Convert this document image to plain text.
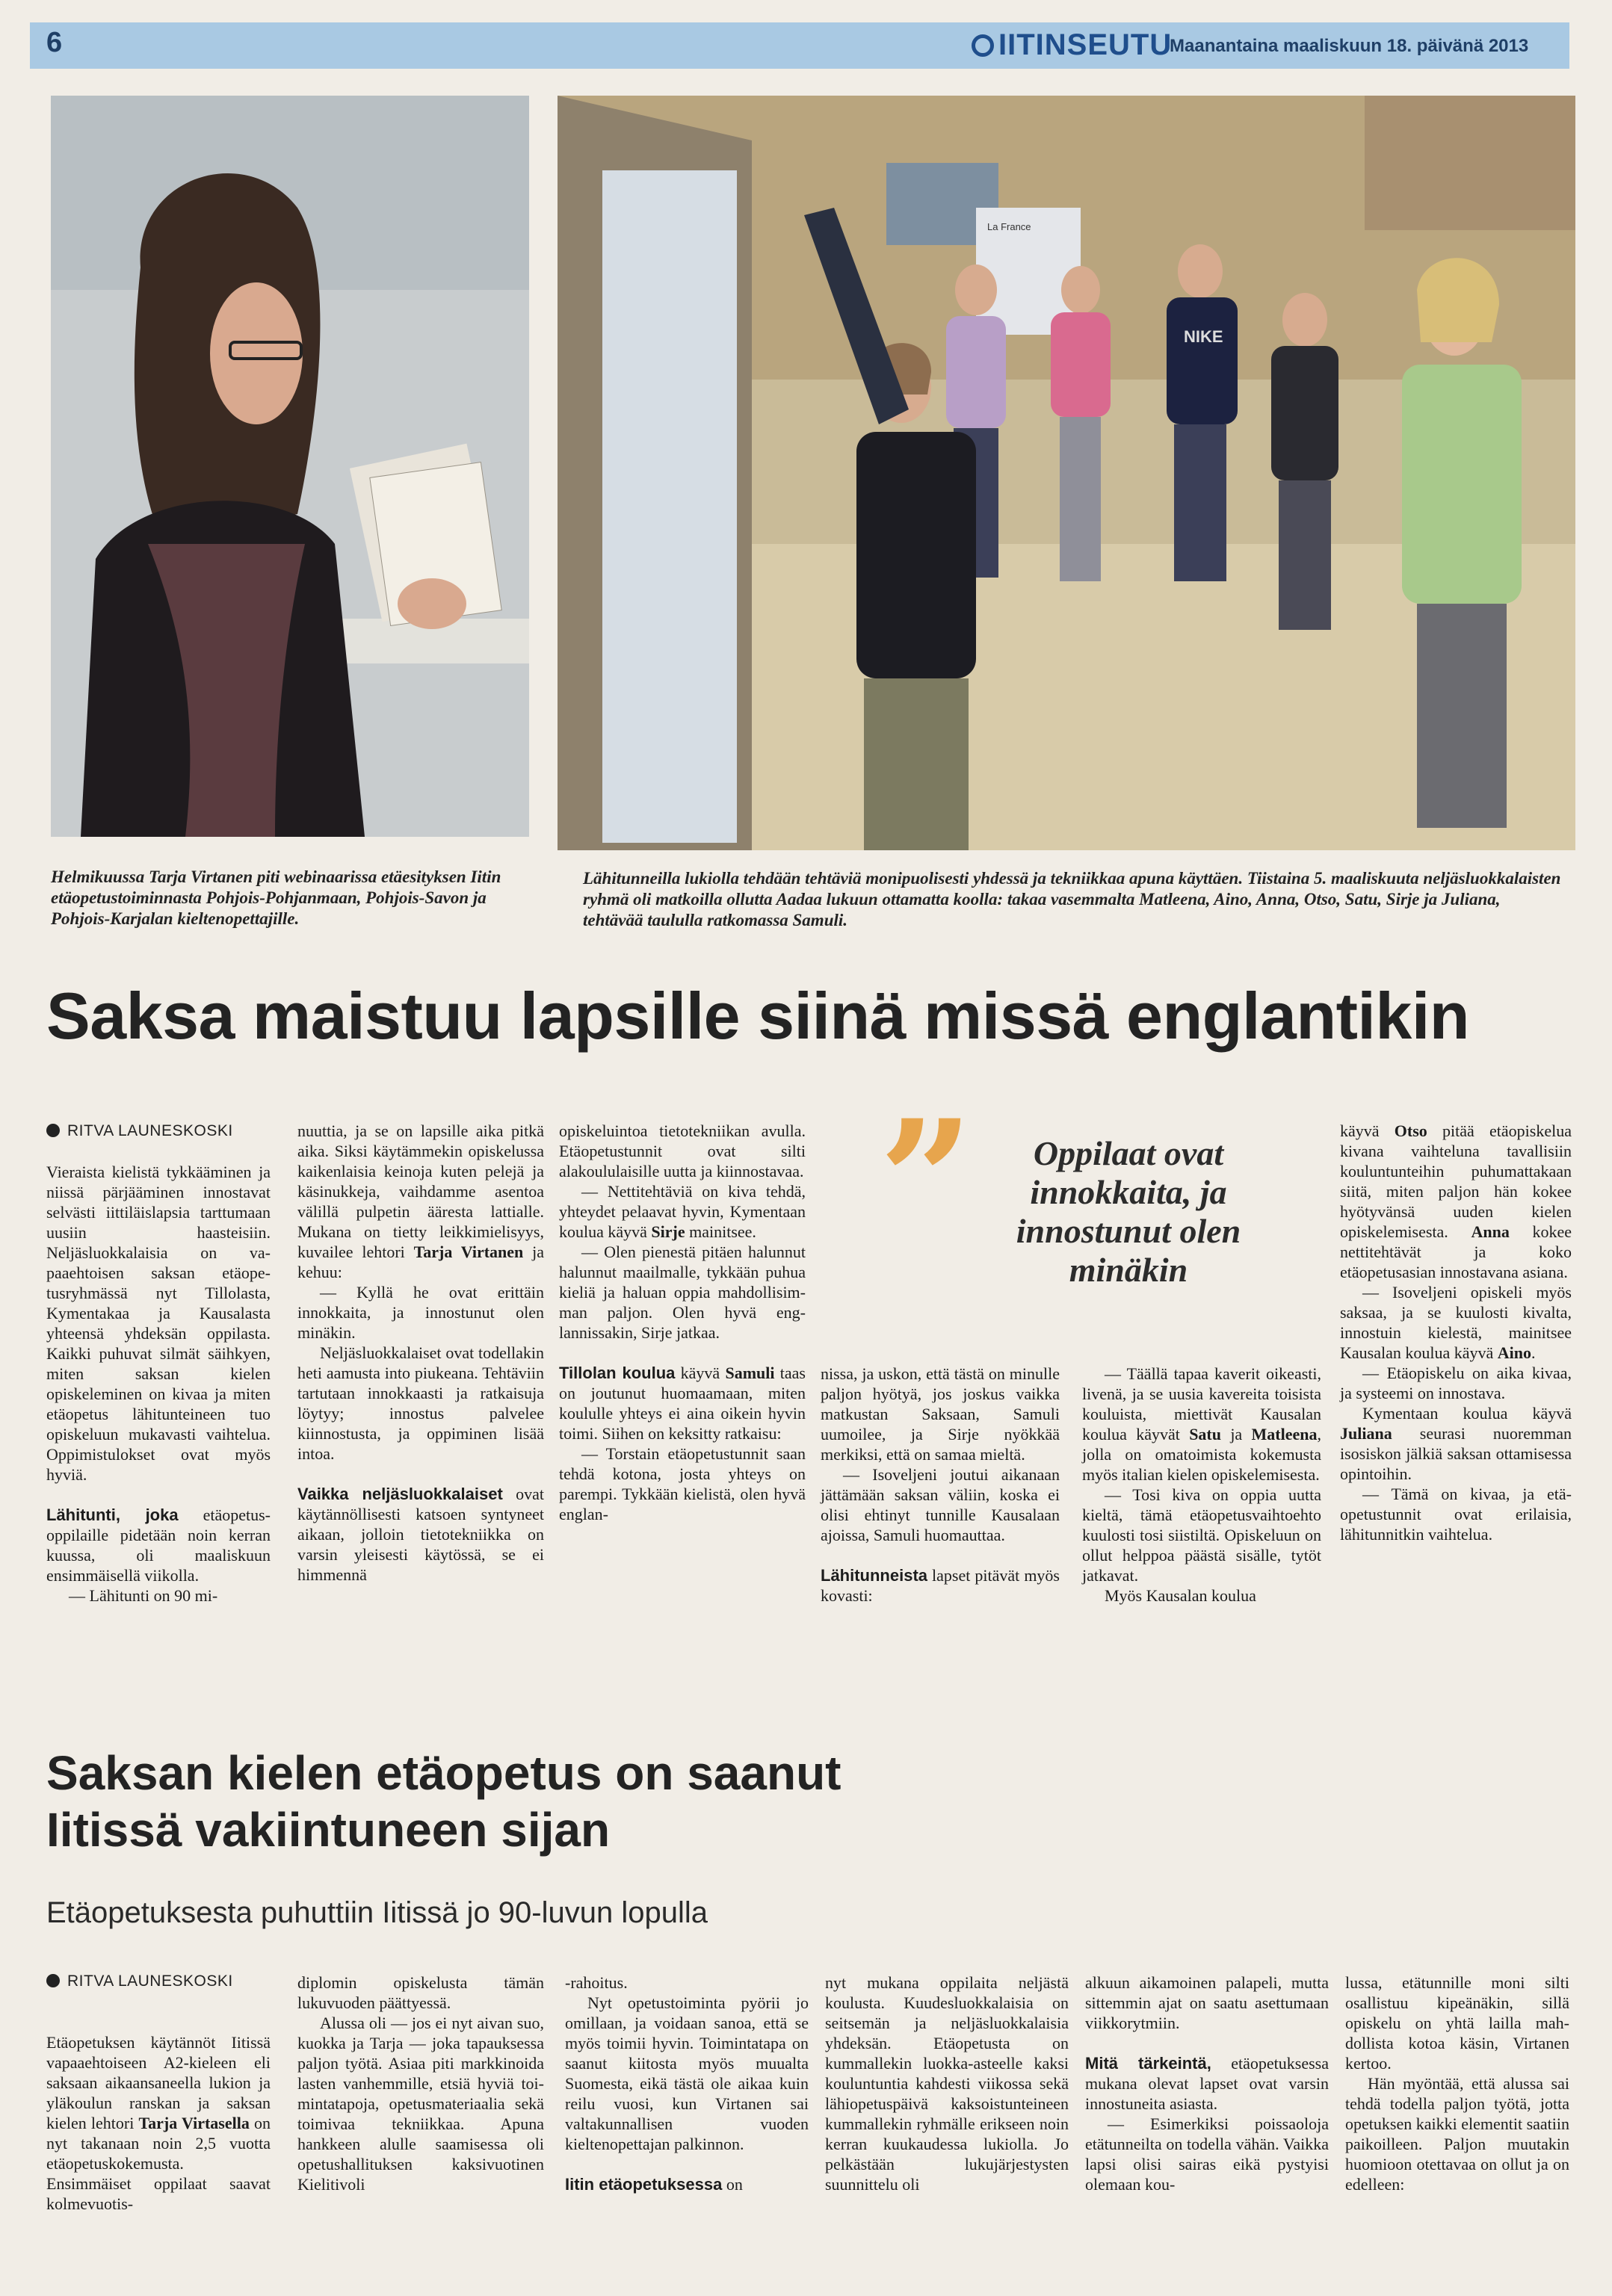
6	IITINSEUTU
Maanantaina maaliskuun 18. päivänä 2013
La France
NIKE
Helmikuussa Tarja Virtanen piti webinaarissa etäesityksen Iitin etäopetustoiminnasta Pohjois-Pohjanmaan, Pohjois-Savon ja Pohjois-Karjalan kieltenopettajille.
Lähitunneilla lukiolla tehdään tehtäviä monipuolisesti yhdessä ja tekniikkaa apuna käyttäen. Tiistaina 5. maaliskuuta neljäsluokkalaisten ryhmä oli matkoilla ollutta Aadaa lukuun ottamatta koolla: takaa vasemmalta Matleena, Aino, Anna, Otso, Satu, Sirje ja Juliana, tehtävää taululla ratkomassa Samuli.
Saksa maistuu lapsille siinä missä englantikin
RITVA LAUNESKOSKI

Vieraista kielistä tykkääminen ja niissä pärjääminen innostavat selvästi iittiläislapsia tarttumaan uusiin haasteisiin. Neljäsluokkalaisia on vapaaehtoisen saksan etäopetusryhmässä nyt Tillolasta, Kymentakaa ja Kausalasta yhteensä yhdeksän oppilasta. Kaikki puhuvat silmät säihkyen, miten saksan kielen opiskeleminen on kivaa ja miten etäopetus lähitunteineen tuo opiskeluun mukavasti vaihtelua. Oppimistulokset ovat myös hyviä.

Lähitunti, joka etäopetusoppilaille pidetään noin kerran kuussa, oli maaliskuun ensimmäisellä viikolla.

— Lähitunti on 90 mi-

nuuttia, ja se on lapsille aika pitkä aika. Siksi käytämmekin opiskelussa kaikenlaisia keinoja kuten pelejä ja käsinukkeja, vaihdamme asentoa välillä pulpetin ääresta lattialle. Mukana on tietty leikkimielisyys, kuvailee lehtori Tarja Virtanen ja kehuu:

— Kyllä he ovat erittäin innokkaita, ja innostunut olen minäkin.

Neljäsluokkalaiset ovat todellakin heti aamusta into piukeana. Tehtäviin tartutaan innokkaasti ja ratkaisuja löytyy; innostus palvelee kiinnostusta, ja oppiminen lisää intoa.

Vaikka neljäsluokkalaiset ovat käytännöllisesti katsoen syntyneet aikaan, jolloin tietotekniikka on varsin yleisesti käytössä, se ei himmennä

opiskeluintoa tietotekniikan avulla. Etäopetustunnit ovat silti alakoululaisille uutta ja kiinnostavaa.

— Nettitehtäviä on kiva tehdä, yhteydet pelaavat hyvin, Kymentaan koulua käyvä Sirje mainitsee.

— Olen pienestä pitäen halunnut halunnut maailmalle, tykkään puhua kieliä ja haluan oppia mahdollisimman paljon. Olen hyvä englannissakin, Sirje jatkaa.

Tillolan koulua käyvä Samuli taas on joutunut huomaamaan, miten koululle yhteys ei aina oikein hyvin toimi. Siihen on keksitty ratkaisu:

— Torstain etäopetustunnit saan tehdä kotona, josta yhteys on parempi. Tykkään kielistä, olen hyvä englan-

”	Oppilaat ovat innokkaita, ja innostunut olen minäkin

nissa, ja uskon, että tästä on minulle paljon hyötyä, jos joskus vaikka matkustan Saksaan, Samuli uumoilee, ja Sirje nyökkää merkiksi, että on samaa mieltä.

— Isoveljeni joutui aikanaan jättämään saksan väliin, koska ei olisi ehtinyt tunnille Kausalaan ajoissa, Samuli huomauttaa.

Lähitunneista lapset pitävät myös kovasti:

— Täällä tapaa kaverit oikeasti, livenä, ja se uusia kavereita toisista kouluista, miettivät Kausalan koulua käyvät Satu ja Matleena, jolla on omatoimista kokemusta myös italian kielen opiskelemisesta.

— Tosi kiva on oppia uutta kieltä, tämä etäopetusvaihtoehto kuulosti tosi siistiltä. Opiskeluun on ollut helppoa päästä sisälle, tytöt jatkavat.

Myös Kausalan koulua

käyvä Otso pitää etäopiskelua kivana vaihteluna tavallisiin kouluntunteihin puhumattakaan siitä, miten paljon hän kokee hyötyvänsä uuden kielen opiskelemisesta. Anna kokee nettitehtävät ja koko etäopetusasian innostavana asiana.

— Isoveljeni opiskeli myös saksaa, ja se kuulosti kivalta, innostuin kielestä, mainitsee Kausalan koulua käyvä Aino.

— Etäopiskelu on aika kivaa, ja systeemi on innostava.

Kymentaan koulua käyvä Juliana seurasi nuoremman isosiskon jälkiä saksan ottamisessa opintoihin.

— Tämä on kivaa, ja etäopetustunnit ovat erilaisia, lähitunnitkin vaihtelua.

Saksan kielen etäopetus on saanut Iitissä vakiintuneen sijan
Etäopetuksesta puhuttiin Iitissä jo 90-luvun lopulla
RITVA LAUNESKOSKI

Etäopetuksen käytännöt Iitissä vapaaehtoiseen A2-kieleen eli saksaan aikaansaneella lukion ja yläkoulun ranskan ja saksan kielen lehtori Tarja Virtasella on nyt takanaan noin 2,5 vuotta etäopetuskokemusta. Ensimmäiset oppilaat saavat kolmevuotis-

diplomin opiskelusta tämän lukuvuoden päättyessä.

Alussa oli — jos ei nyt aivan suo, kuokka ja Tarja — joka tapauksessa paljon työtä. Asiaa piti markkinoida lasten vanhemmille, etsiä hyviä toimintatapoja, opetusmateriaalia sekä toimivaa tekniikkaa. Apuna hankkeen alulle saamisessa oli opetushallituksen kaksivuotinen Kielitivoli

-rahoitus.

Nyt opetustoiminta pyörii jo omillaan, ja voidaan sanoa, että se myös toimii hyvin. Toimintatapa on saanut kiitosta myös muualta Suomesta, eikä tästä ole aikaa kuin reilu vuosi, kun Virtanen sai valtakunnallisen vuoden kieltenopettajan palkinnon.

Iitin etäopetuksessa on

nyt mukana oppilaita neljästä koulusta. Kuudesluokkalaisia on seitsemän ja neljäsluokkalaisia yhdeksän. Etäopetusta on kummallekin luokka-asteelle kaksi kouluntuntia kahdesti viikossa sekä lähiopetuspäivä kaksoistunteineen kummallekin ryhmälle erikseen noin kerran kuukaudessa lukiolla. Jo pelkästään lukujärjestysten suunnittelu oli

alkuun aikamoinen palapeli, mutta sittemmin ajat on saatu asettumaan viikkorytmiin.

Mitä tärkeintä, etäopetuksessa mukana olevat lapset ovat varsin innostuneita asiasta.

— Esimerkiksi poissaoloja etätunneilta on todella vähän. Vaikka lapsi olisi sairas eikä pystyisi olemaan kou-

lussa, etätunnille moni silti osallistuu kipeänäkin, sillä opiskelu on yhtä lailla mahdollista kotoa käsin, Virtanen kertoo.

Hän myöntää, että alussa sai tehdä todella paljon työtä, jotta opetuksen kaikki elementit saatiin paikoilleen. Paljon muutakin huomioon otettavaa on ollut ja on edelleen:
